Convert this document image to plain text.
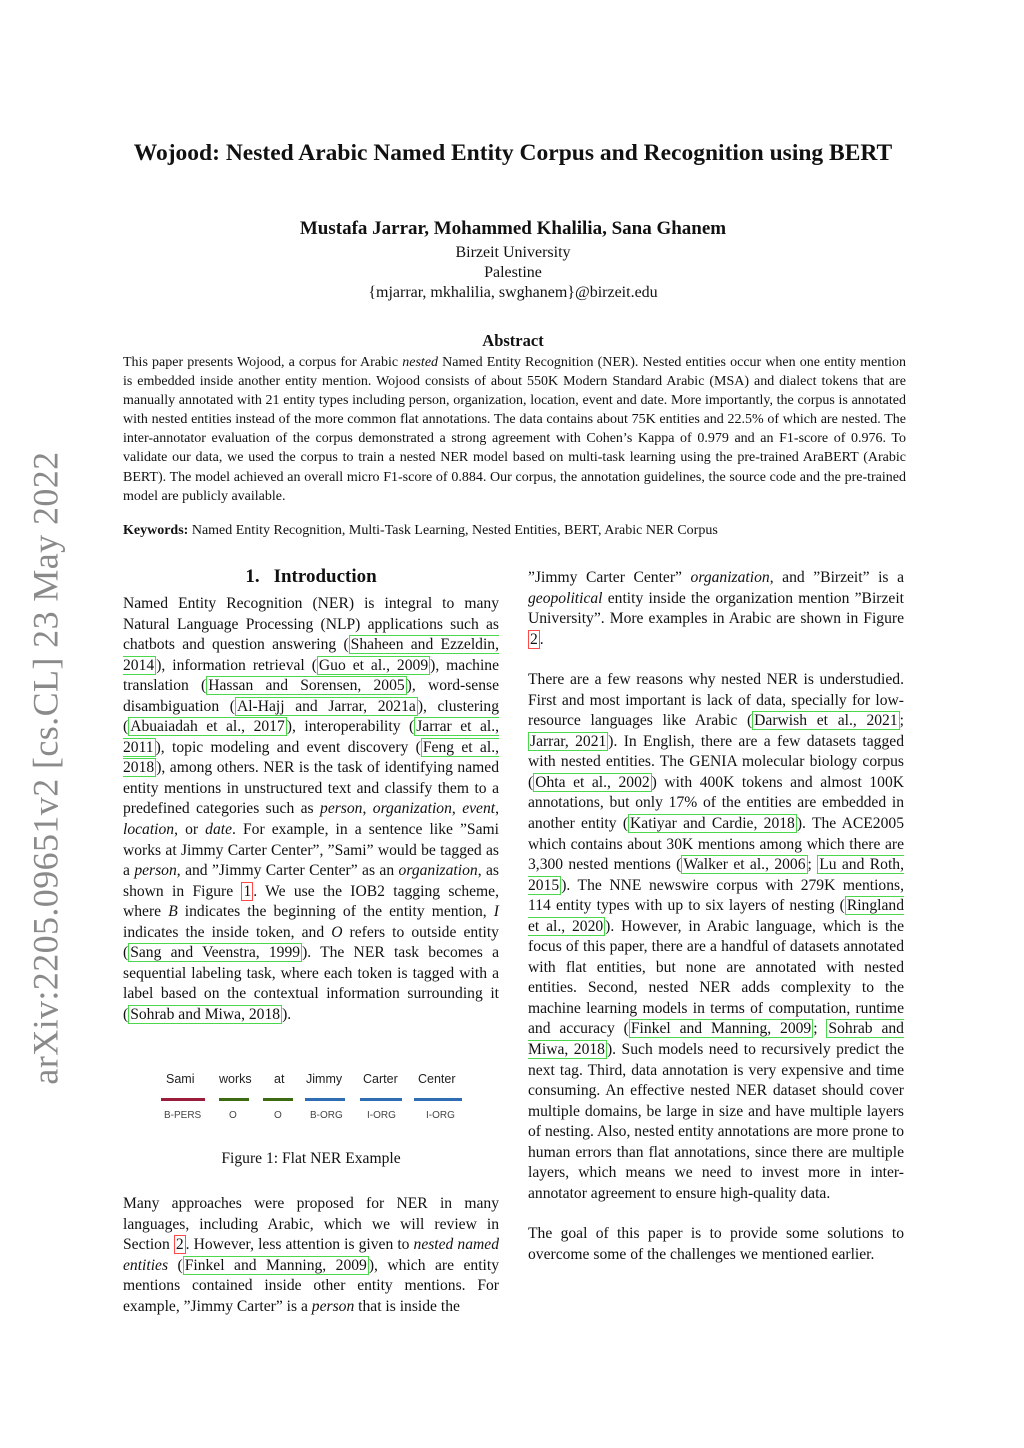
arXiv:2205.09651v2 [cs.CL] 23 May 2022
Wojood: Nested Arabic Named Entity Corpus and Recognition using BERT
Mustafa Jarrar, Mohammed Khalilia, Sana Ghanem
Birzeit University
Palestine
{mjarrar, mkhalilia, swghanem}@birzeit.edu
Abstract
This paper presents Wojood, a corpus for Arabic nested Named Entity Recognition (NER). Nested entities occur when one entity mention is embedded inside another entity mention. Wojood consists of about 550K Modern Standard Arabic (MSA) and dialect tokens that are manually annotated with 21 entity types including person, organization, location, event and date. More importantly, the corpus is annotated with nested entities instead of the more common flat annotations. The data contains about 75K entities and 22.5% of which are nested. The inter-annotator evaluation of the corpus demonstrated a strong agreement with Cohen’s Kappa of 0.979 and an F1-score of 0.976. To validate our data, we used the corpus to train a nested NER model based on multi-task learning using the pre-trained AraBERT (Arabic BERT). The model achieved an overall micro F1-score of 0.884. Our corpus, the annotation guidelines, the source code and the pre-trained model are publicly available.
Keywords: Named Entity Recognition, Multi-Task Learning, Nested Entities, BERT, Arabic NER Corpus
1. Introduction

Named Entity Recognition (NER) is integral to many Natural Language Processing (NLP) applications such as chatbots and question answering ( Shaheen and Ezzeldin, 2014 ), information retrieval ( Guo et al., 2009 ), machine translation ( Hassan and Sorensen, 2005 ), word-sense disambiguation ( Al-Hajj and Jarrar, 2021a ), clustering ( Abuaiadah et al., 2017 ), interoperability ( Jarrar et al., 2011 ), topic modeling and event discovery ( Feng et al., 2018 ), among others. NER is the task of identifying named entity mentions in unstructured text and classify them to a predefined categories such as person, organization, event, location, or date. For example, in a sentence like ”Sami works at Jimmy Carter Center”, ”Sami” would be tagged as a person, and ”Jimmy Carter Center” as an organization, as shown in Figure 1 . We use the IOB2 tagging scheme, where B indicates the beginning of the entity mention, I indicates the inside token, and O refers to outside entity ( Sang and Veenstra, 1999 ). The NER task becomes a sequential labeling task, where each token is tagged with a label based on the contextual information surrounding it ( Sohrab and Miwa, 2018 ).

Sami works at Jimmy Carter Center
B-PERS	O	O	B-ORG I-ORG	I-ORG
Figure 1: Flat NER Example

Many approaches were proposed for NER in many languages, including Arabic, which we will review in Section 2 . However, less attention is given to nested named entities ( Finkel and Manning, 2009 ), which are entity mentions contained inside other entity mentions. For example, ”Jimmy Carter” is a person that is inside the

”Jimmy Carter Center” organization, and ”Birzeit” is a geopolitical entity inside the organization mention ”Birzeit University”. More examples in Arabic are shown in Figure 2 .

There are a few reasons why nested NER is understudied. First and most important is lack of data, specially for low-resource languages like Arabic ( Darwish et al., 2021 ; Jarrar, 2021 ). In English, there are a few datasets tagged with nested entities. The GENIA molecular biology corpus ( Ohta et al., 2002 ) with 400K tokens and almost 100K annotations, but only 17% of the entities are embedded in another entity ( Katiyar and Cardie, 2018 ). The ACE2005 which contains about 30K mentions among which there are 3,300 nested mentions ( Walker et al., 2006 ; Lu and Roth, 2015 ). The NNE newswire corpus with 279K mentions, 114 entity types with up to six layers of nesting ( Ringland et al., 2020 ). However, in Arabic language, which is the focus of this paper, there are a handful of datasets annotated with flat entities, but none are annotated with nested entities. Second, nested NER adds complexity to the machine learning models in terms of computation, runtime and accuracy ( Finkel and Manning, 2009 ; Sohrab and Miwa, 2018 ). Such models need to recursively predict the next tag. Third, data annotation is very expensive and time consuming. An effective nested NER dataset should cover multiple domains, be large in size and have multiple layers of nesting. Also, nested entity annotations are more prone to human errors than flat annotations, since there are multiple layers, which means we need to invest more in inter-annotator agreement to ensure high-quality data.

The goal of this paper is to provide some solutions to overcome some of the challenges we mentioned earlier.
